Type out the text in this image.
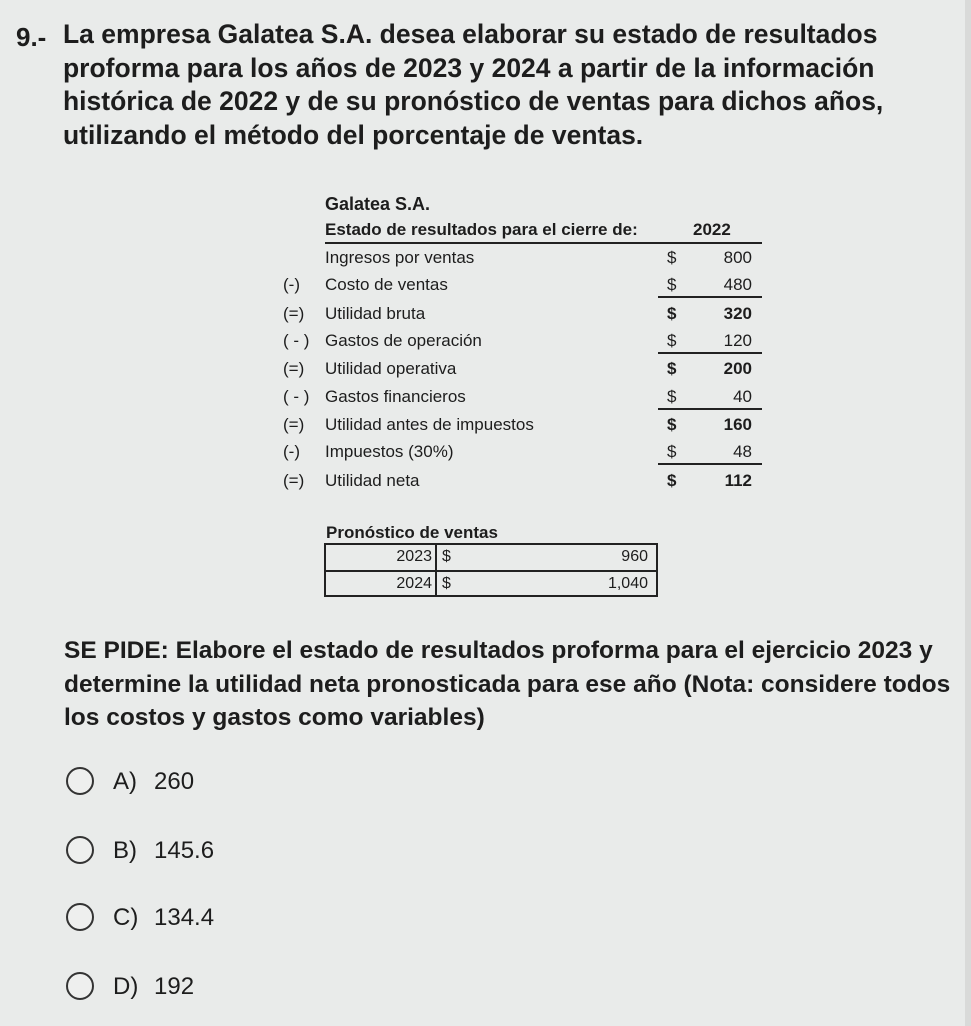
9.- La empresa Galatea S.A. desea elaborar su estado de resultados proforma para los años de 2023 y 2024 a partir de la información histórica de 2022 y de su pronóstico de ventas para dichos años, utilizando el método del porcentaje de ventas.
Galatea S.A.
Estado de resultados para el cierre de:	2022
Ingresos por ventas	$	800
(-) Costo de ventas	$	480
(=) Utilidad bruta	$	320
( - ) Gastos de operación	$	120
(=) Utilidad operativa	$	200
( - ) Gastos financieros	$	40
(=) Utilidad antes de impuestos	$	160
(-) Impuestos (30%)	$	48
(=) Utilidad neta	$	112
Pronóstico de ventas
2023 $	960
2024 $	1,040
SE PIDE: Elabore el estado de resultados proforma para el ejercicio 2023 y determine la utilidad neta pronosticada para ese año (Nota: considere todos los costos y gastos como variables)
A) 260
B) 145.6
C) 134.4
D) 192
